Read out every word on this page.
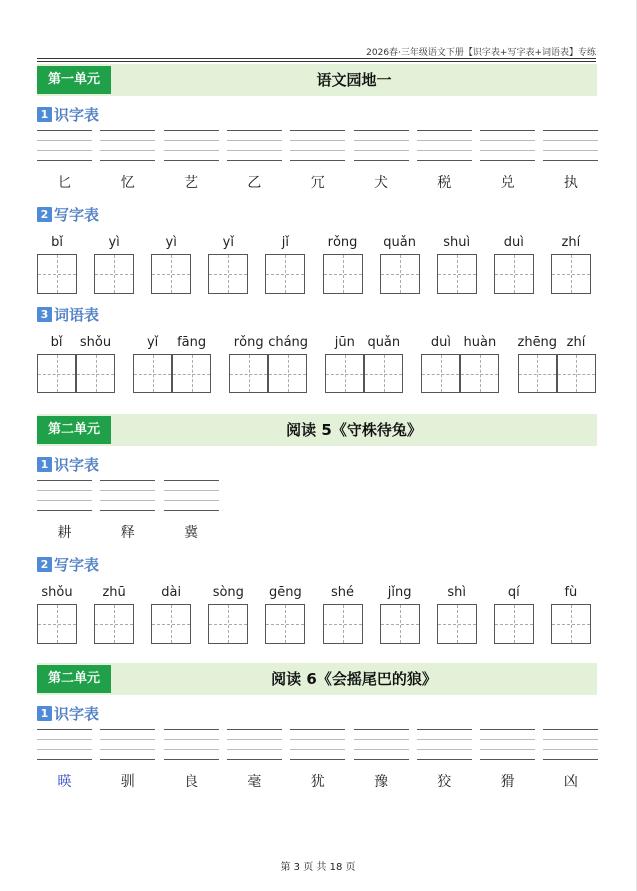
2026春·三年级语文下册【识字表+写字表+词语表】专练
第一单元	语文园地一
1 识字表
匕	忆	艺	乙	冗	犬	税	兑	执
2 写字表
bǐ	yì	yì	yǐ	jǐ	rǒng	quǎn	shuì	duì	zhí
3 词语表
bǐ	shǒu	yǐ	fāng	rǒng cháng	jūn quǎn	duì huàn zhēng zhí
第二单元	阅读 5《守株待兔》
1 识字表
耕	释	冀
2 写字表
shǒu	zhū	dài	sòng	gēng	shé	jǐng	shì	qí	fù
第二单元	阅读 6《会摇尾巴的狼》
1 识字表
暎	驯	良	毫	犹	豫	狡	猾	凶
第 3 页 共 18 页
